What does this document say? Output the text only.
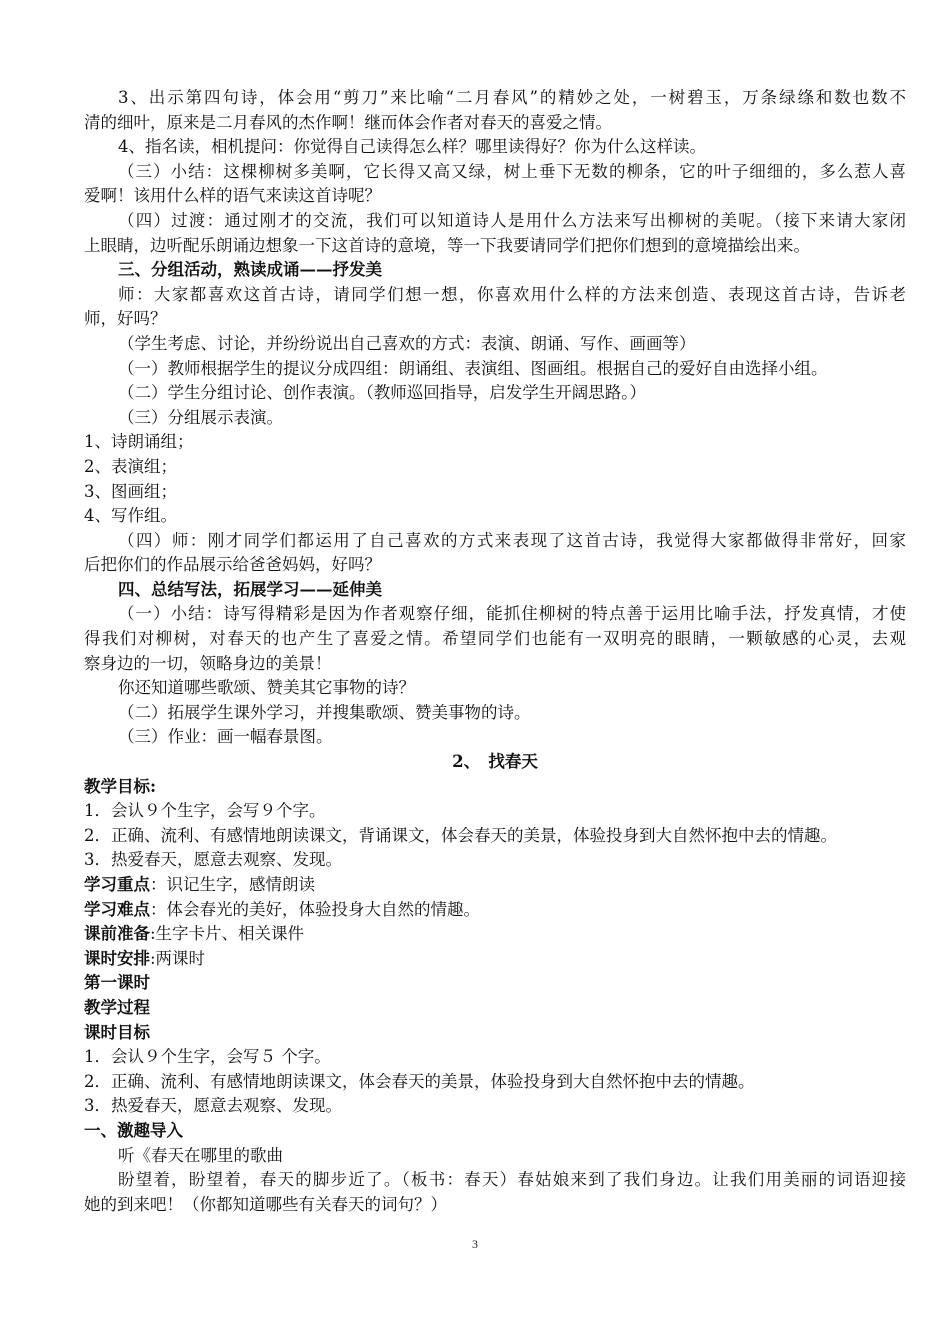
3、出示第四句诗，体会用“剪刀”来比喻“二月春风”的精妙之处，一树碧玉，万条绿绦和数也数不
清的细叶，原来是二月春风的杰作啊！继而体会作者对春天的喜爱之情。
4、指名读，相机提问：你觉得自己读得怎么样？哪里读得好？你为什么这样读。
（三）小结：这棵柳树多美啊，它长得又高又绿，树上垂下无数的柳条，它的叶子细细的，多么惹人喜
爱啊！该用什么样的语气来读这首诗呢？
（四）过渡：通过刚才的交流，我们可以知道诗人是用什么方法来写出柳树的美呢。（接下来请大家闭
上眼睛，边听配乐朗诵边想象一下这首诗的意境，等一下我要请同学们把你们想到的意境描绘出来。
三、分组活动，熟读成诵——抒发美
师：大家都喜欢这首古诗，请同学们想一想，你喜欢用什么样的方法来创造、表现这首古诗，告诉老
师，好吗？
（学生考虑、讨论，并纷纷说出自己喜欢的方式：表演、朗诵、写作、画画等）
（一）教师根据学生的提议分成四组：朗诵组、表演组、图画组。根据自己的爱好自由选择小组。
（二）学生分组讨论、创作表演。（教师巡回指导，启发学生开阔思路。）
（三）分组展示表演。
1、诗朗诵组；
2、表演组；
3、图画组；
4、写作组。
（四）师：刚才同学们都运用了自己喜欢的方式来表现了这首古诗，我觉得大家都做得非常好，回家
后把你们的作品展示给爸爸妈妈，好吗？
四、总结写法，拓展学习——延伸美
（一）小结：诗写得精彩是因为作者观察仔细，能抓住柳树的特点善于运用比喻手法，抒发真情，才使
得我们对柳树，对春天的也产生了喜爱之情。希望同学们也能有一双明亮的眼睛，一颗敏感的心灵，去观
察身边的一切，领略身边的美景！
你还知道哪些歌颂、赞美其它事物的诗？
（二）拓展学生课外学习，并搜集歌颂、赞美事物的诗。
（三）作业：画一幅春景图。
2、　找春天
教学目标:
1．会认９个生字，会写９个字。
2．正确、流利、有感情地朗读课文，背诵课文，体会春天的美景，体验投身到大自然怀抱中去的情趣。
3．热爱春天，愿意去观察、发现。
学习重点：识记生字，感情朗读
学习难点：体会春光的美好，体验投身大自然的情趣。
课前准备:生字卡片、相关课件
课时安排:两课时
第一课时
教学过程
课时目标
1．会认９个生字，会写５ 个字。
2．正确、流利、有感情地朗读课文，体会春天的美景，体验投身到大自然怀抱中去的情趣。
3．热爱春天，愿意去观察、发现。
一、激趣导入
听《春天在哪里的歌曲
盼望着，盼望着，春天的脚步近了。（板书：春天）春姑娘来到了我们身边。让我们用美丽的词语迎接
她的到来吧！（你都知道哪些有关春天的词句？）
3
